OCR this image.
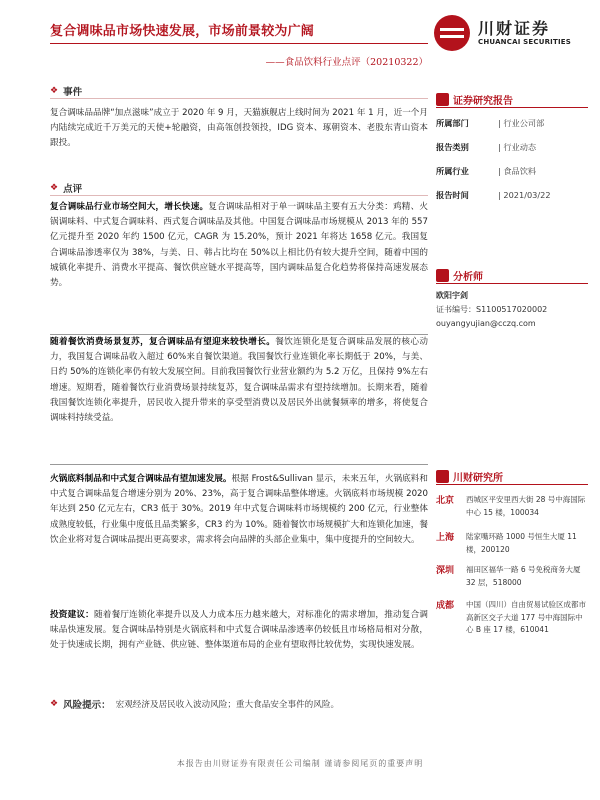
复合调味品市场快速发展，市场前景较为广阔
——食品饮料行业点评（20210322）
❖ 事件
复合调味品品牌“加点滋味”成立于 2020 年 9 月，天猫旗舰店上线时间为 2021 年 1 月，近一个月内陆续完成近千万美元的天使+轮融资，由高瓴创投领投，IDG 资本、琢朝资本、老股东青山资本跟投。
❖ 点评
复合调味品行业市场空间大，增长快速。复合调味品相对于单一调味品主要有五大分类：鸡精、火锅调味料、中式复合调味料、西式复合调味品及其他。中国复合调味品市场规模从 2013 年的 557 亿元提升至 2020 年约 1500 亿元，CAGR 为 15.20%，预计 2021 年将达 1658 亿元。我国复合调味品渗透率仅为 38%，与美、日、韩占比均在 50%以上相比仍有较大提升空间，随着中国的城镇化率提升、消费水平提高、餐饮供应链水平提高等，国内调味品复合化趋势将保持高速发展态势。
随着餐饮消费场景复苏，复合调味品有望迎来较快增长。餐饮连锁化是复合调味品发展的核心动力，我国复合调味品收入超过 60%来自餐饮渠道。我国餐饮行业连锁化率长期低于 20%，与美、日约 50%的连锁化率仍有较大发展空间。目前我国餐饮行业营业额约为 5.2 万亿，且保持 9%左右增速。短期看，随着餐饮行业消费场景持续复苏，复合调味品需求有望持续增加。长期来看，随着我国餐饮连锁化率提升，居民收入提升带来的享受型消费以及居民外出就餐频率的增多，将使复合调味料持续受益。
火锅底料制品和中式复合调味品有望加速发展。根据 Frost&Sullivan 显示，未来五年，火锅底料和中式复合调味品复合增速分别为 20%、23%，高于复合调味品整体增速。火锅底料市场规模 2020 年达到 250 亿元左右，CR3 低于 30%。2019 年中式复合调味料市场规模约 200 亿元，行业整体成熟度较低，行业集中度低且品类繁多，CR3 约为 10%。随着餐饮市场规模扩大和连锁化加速，餐饮企业将对复合调味品提出更高要求，需求将会向品牌的头部企业集中，集中度提升的空间较大。
投资建议：随着餐厅连锁化率提升以及人力成本压力越来越大，对标准化的需求增加，推动复合调味品快速发展。复合调味品特别是火锅底料和中式复合调味品渗透率仍较低且市场格局相对分散，处于快速成长期，拥有产业链、供应链、整体渠道布局的企业有望取得比较优势，实现快速发展。
❖ 风险提示： 宏观经济及居民收入波动风险；重大食品安全事件的风险。
川财证券
CHUANCAI SECURITIES
证券研究报告
所属部门	| 行业公司部
报告类别	| 行业动态
所属行业	| 食品饮料
报告时间	| 2021/03/22
分析师
欧阳宇剑
证书编号：S1100517020002
ouyangyujian@cczq.com
川财研究所
北京 西城区平安里西大街 28 号中海国际中心 15 楼，100034
上海 陆家嘴环路 1000 号恒生大厦 11 楼，200120
深圳 福田区福华一路 6 号免税商务大厦 32 层，518000
成都 中国（四川）自由贸易试验区成都市高新区交子大道 177 号中海国际中心 B 座 17 楼，610041
本报告由川财证券有限责任公司编制 谨请参阅尾页的重要声明
